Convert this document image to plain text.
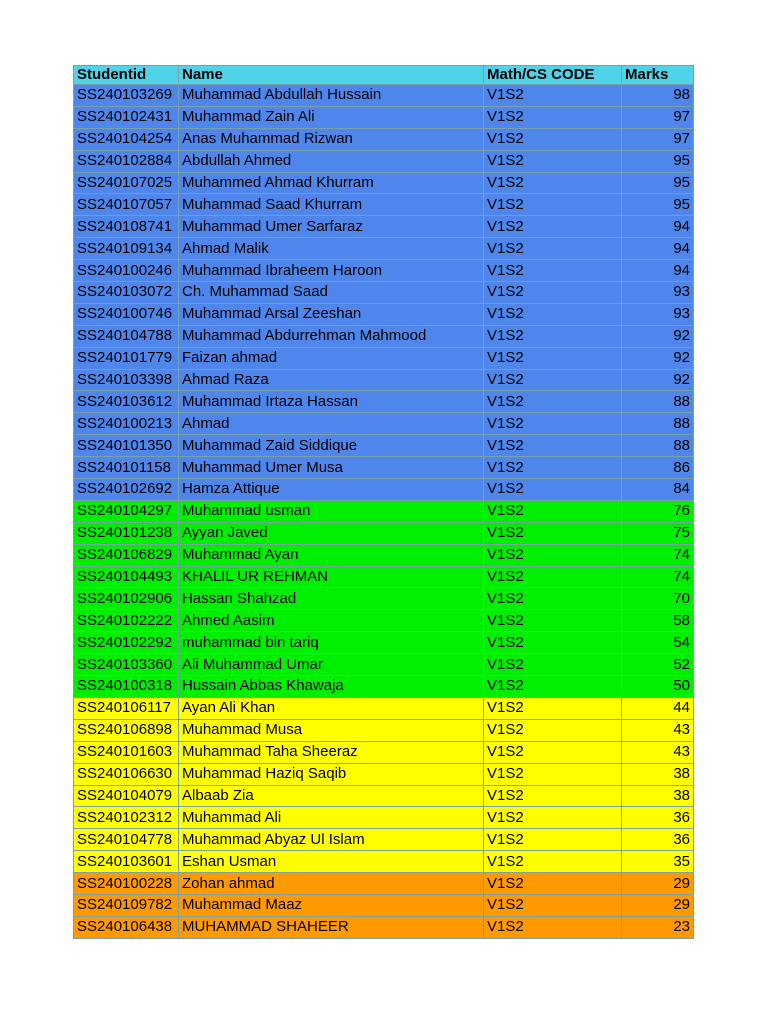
Studentid	Name	Math/CS CODE	Marks
SS240103269	Muhammad Abdullah Hussain	V1S2	98
SS240102431	Muhammad Zain Ali	V1S2	97
SS240104254	Anas Muhammad Rizwan	V1S2	97
SS240102884	Abdullah Ahmed	V1S2	95
SS240107025	Muhammed Ahmad Khurram	V1S2	95
SS240107057	Muhammad Saad Khurram	V1S2	95
SS240108741	Muhammad Umer Sarfaraz	V1S2	94
SS240109134	Ahmad Malik	V1S2	94
SS240100246	Muhammad Ibraheem Haroon	V1S2	94
SS240103072	Ch. Muhammad Saad	V1S2	93
SS240100746	Muhammad Arsal Zeeshan	V1S2	93
SS240104788	Muhammad Abdurrehman Mahmood	V1S2	92
SS240101779	Faizan ahmad	V1S2	92
SS240103398	Ahmad Raza	V1S2	92
SS240103612	Muhammad Irtaza Hassan	V1S2	88
SS240100213	Ahmad	V1S2	88
SS240101350	Muhammad Zaid Siddique	V1S2	88
SS240101158	Muhammad Umer Musa	V1S2	86
SS240102692	Hamza Attique	V1S2	84
SS240104297	Muhammad usman	V1S2	76
SS240101238	Ayyan Javed	V1S2	75
SS240106829	Muhammad Ayan	V1S2	74
SS240104493	KHALIL UR REHMAN	V1S2	74
SS240102906	Hassan Shahzad	V1S2	70
SS240102222	Ahmed Aasim	V1S2	58
SS240102292	muhammad bin tariq	V1S2	54
SS240103360	Ali Muhammad Umar	V1S2	52
SS240100318	Hussain Abbas Khawaja	V1S2	50
SS240106117	Ayan Ali Khan	V1S2	44
SS240106898	Muhammad Musa	V1S2	43
SS240101603	Muhammad Taha Sheeraz	V1S2	43
SS240106630	Muhammad Haziq Saqib	V1S2	38
SS240104079	Albaab Zia	V1S2	38
SS240102312	Muhammad Ali	V1S2	36
SS240104778	Muhammad Abyaz Ul Islam	V1S2	36
SS240103601	Eshan Usman	V1S2	35
SS240100228	Zohan ahmad	V1S2	29
SS240109782	Muhammad Maaz	V1S2	29
SS240106438	MUHAMMAD SHAHEER	V1S2	23
